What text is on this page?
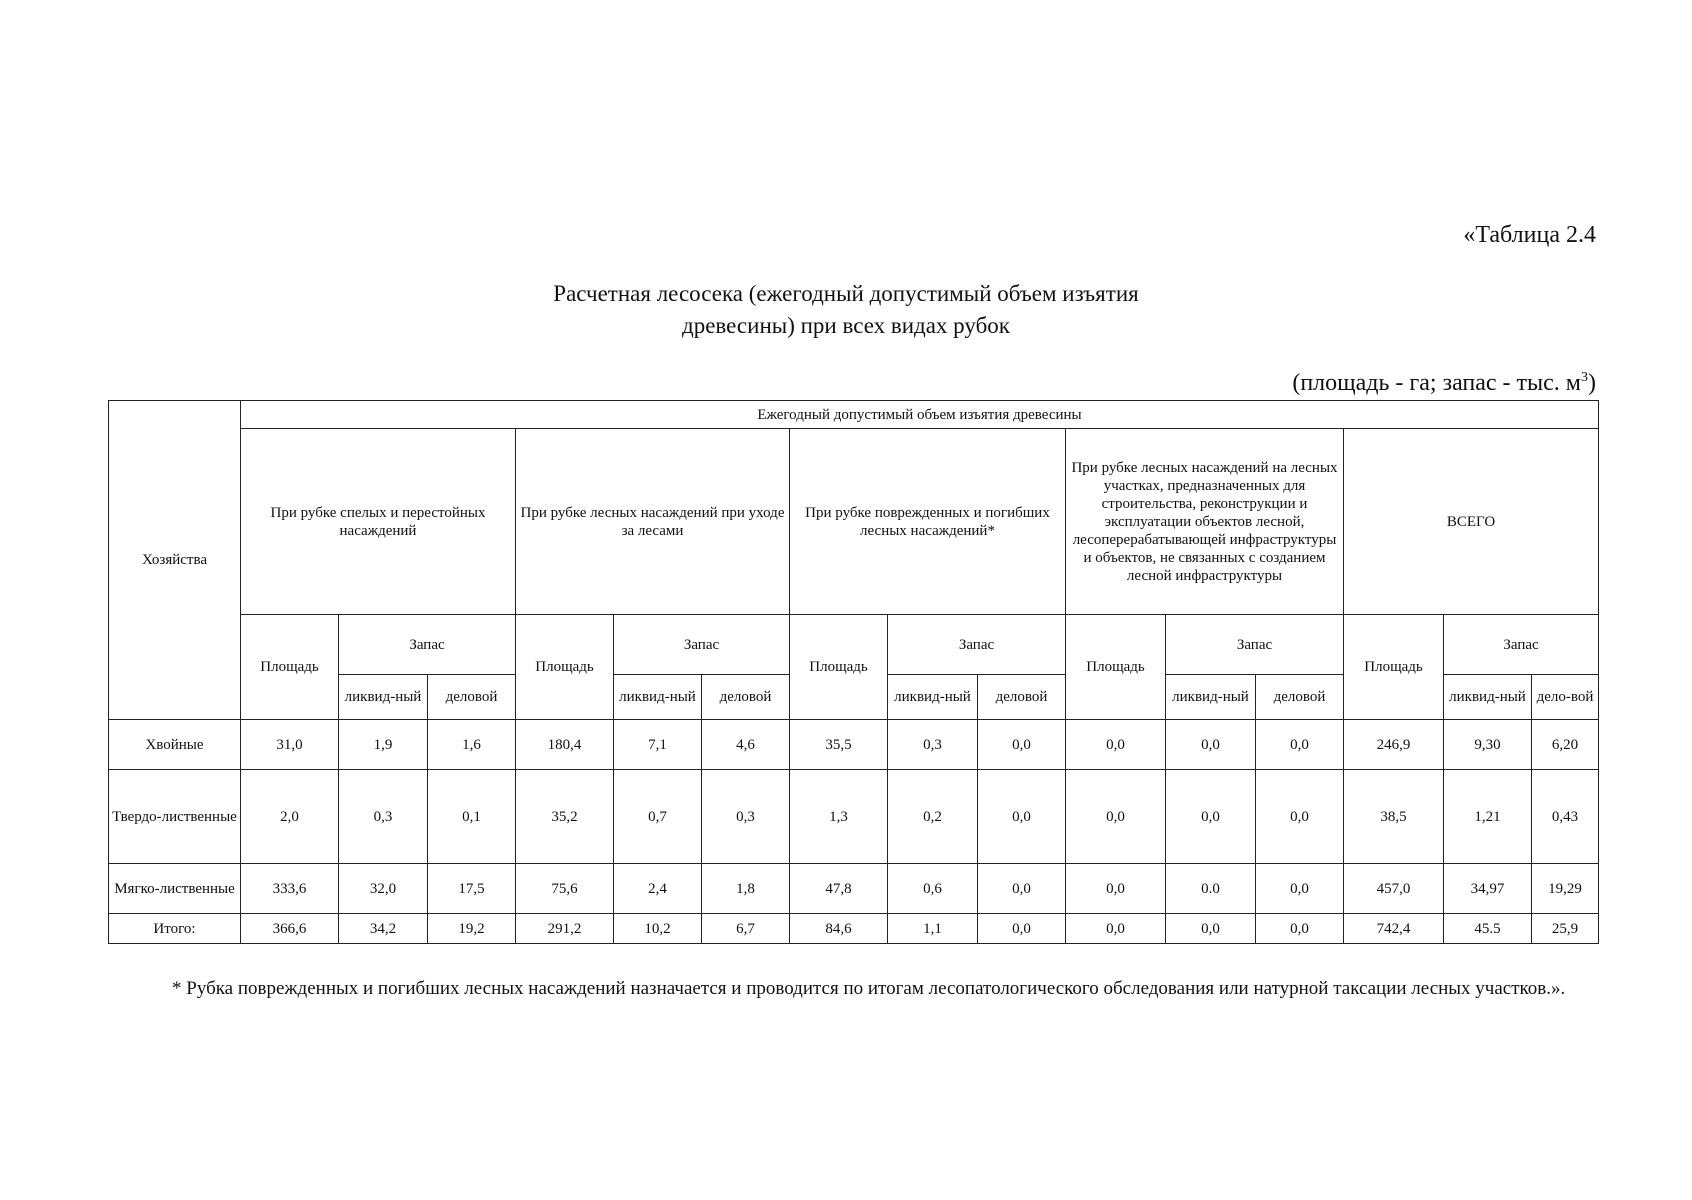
«Таблица 2.4
Расчетная лесосека (ежегодный допустимый объем изъятия
древесины) при всех видах рубок
(площадь - га; запас - тыс. $м^3$)
Хозяйства	Ежегодный допустимый объем изъятия древесины														
	При рубке спелых и перестойных насаждений			При рубке лесных насаждений при уходе за лесами			При рубке поврежденных и погибших лесных насаждений*			При рубке лесных насаждений на лесных участках, предназначенных для строительства, реконструкции и эксплуатации объектов лесной, лесоперерабатывающей инфраструктуры и объектов, не связанных с созданием лесной инфраструктуры			ВСЕГО		
	Площадь	Запас		Площадь	Запас		Площадь	Запас		Площадь	Запас		Площадь	Запас	
		ликвид-ный	деловой		ликвид-ный	деловой		ликвид-ный	деловой		ликвид-ный	деловой		ликвид-ный	дело-вой
Хвойные	31,0	1,9	1,6	180,4	7,1	4,6	35,5	0,3	0,0	0,0	0,0	0,0	246,9	9,30	6,20
Твердо-лиственные	2,0	0,3	0,1	35,2	0,7	0,3	1,3	0,2	0,0	0,0	0,0	0,0	38,5	1,21	0,43
Мягко-лиственные	333,6	32,0	17,5	75,6	2,4	1,8	47,8	0,6	0,0	0,0	0.0	0,0	457,0	34,97	19,29
Итого:	366,6	34,2	19,2	291,2	10,2	6,7	84,6	1,1	0,0	0,0	0,0	0,0	742,4	45.5	25,9
* Рубка поврежденных и погибших лесных насаждений назначается и проводится по итогам лесопатологического обследования или натурной таксации лесных участков.».
